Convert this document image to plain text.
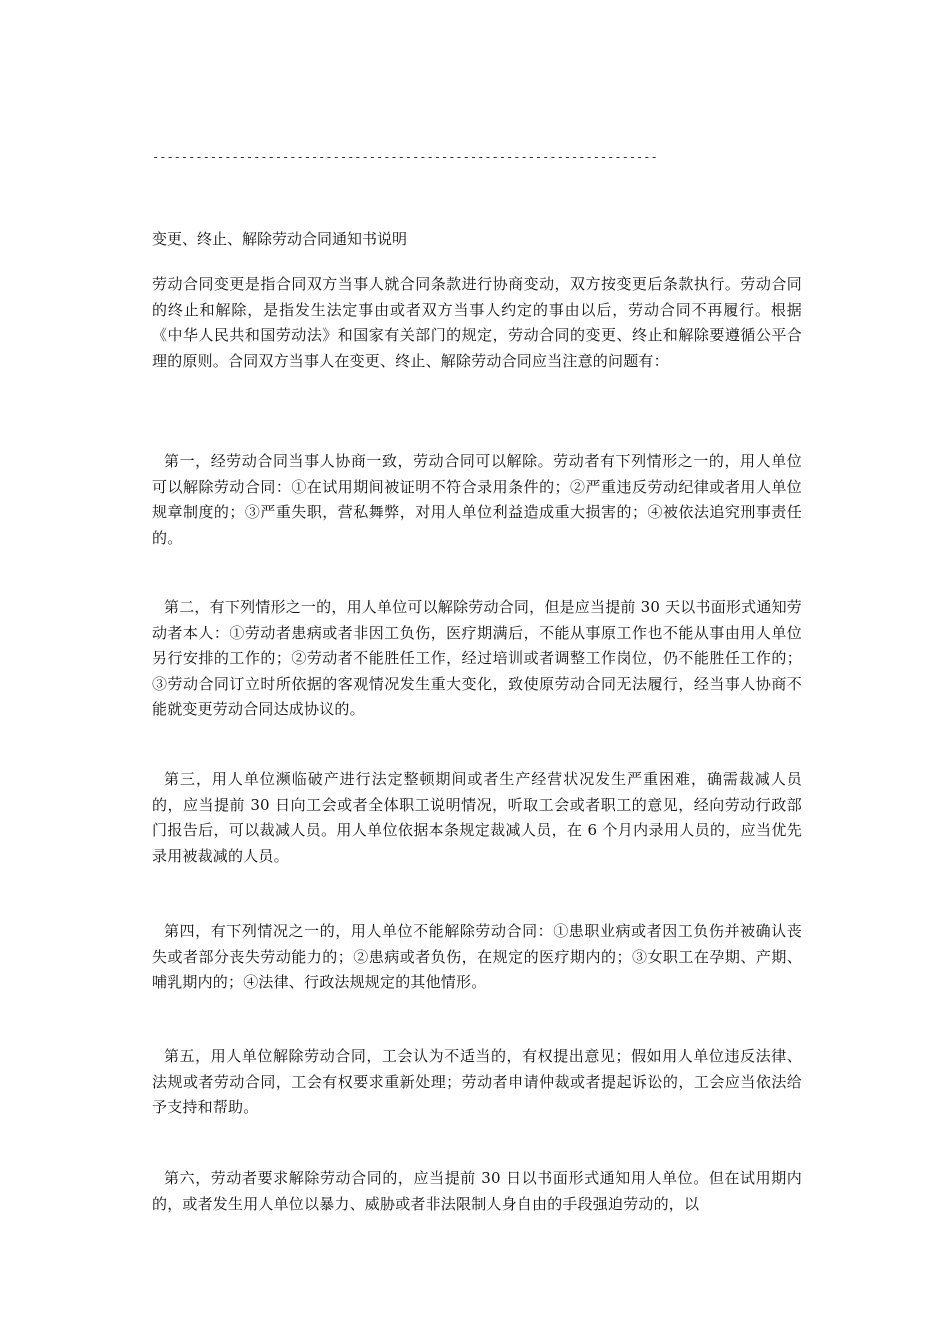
----------------------------------------------------------------------
变更、终止、解除劳动合同通知书说明
劳动合同变更是指合同双方当事人就合同条款进行协商变动，双方按变更后条款执行。劳动合同的终止和解除，是指发生法定事由或者双方当事人约定的事由以后，劳动合同不再履行。根据《中华人民共和国劳动法》和国家有关部门的规定，劳动合同的变更、终止和解除要遵循公平合理的原则。合同双方当事人在变更、终止、解除劳动合同应当注意的问题有：
第一，经劳动合同当事人协商一致，劳动合同可以解除。劳动者有下列情形之一的，用人单位可以解除劳动合同：①在试用期间被证明不符合录用条件的；②严重违反劳动纪律或者用人单位规章制度的；③严重失职，营私舞弊，对用人单位利益造成重大损害的；④被依法追究刑事责任的。
第二，有下列情形之一的，用人单位可以解除劳动合同，但是应当提前 30 天以书面形式通知劳动者本人：①劳动者患病或者非因工负伤，医疗期满后，不能从事原工作也不能从事由用人单位另行安排的工作的；②劳动者不能胜任工作，经过培训或者调整工作岗位，仍不能胜任工作的；③劳动合同订立时所依据的客观情况发生重大变化，致使原劳动合同无法履行，经当事人协商不能就变更劳动合同达成协议的。
第三，用人单位濒临破产进行法定整顿期间或者生产经营状况发生严重困难，确需裁减人员的，应当提前 30 日向工会或者全体职工说明情况，听取工会或者职工的意见，经向劳动行政部门报告后，可以裁减人员。用人单位依据本条规定裁减人员，在 6 个月内录用人员的，应当优先录用被裁减的人员。
第四，有下列情况之一的，用人单位不能解除劳动合同：①患职业病或者因工负伤并被确认丧失或者部分丧失劳动能力的；②患病或者负伤，在规定的医疗期内的；③女职工在孕期、产期、哺乳期内的；④法律、行政法规规定的其他情形。
第五，用人单位解除劳动合同，工会认为不适当的，有权提出意见；假如用人单位违反法律、法规或者劳动合同，工会有权要求重新处理；劳动者申请仲裁或者提起诉讼的，工会应当依法给予支持和帮助。
第六，劳动者要求解除劳动合同的，应当提前 30 日以书面形式通知用人单位。但在试用期内的，或者发生用人单位以暴力、威胁或者非法限制人身自由的手段强迫劳动的，以
